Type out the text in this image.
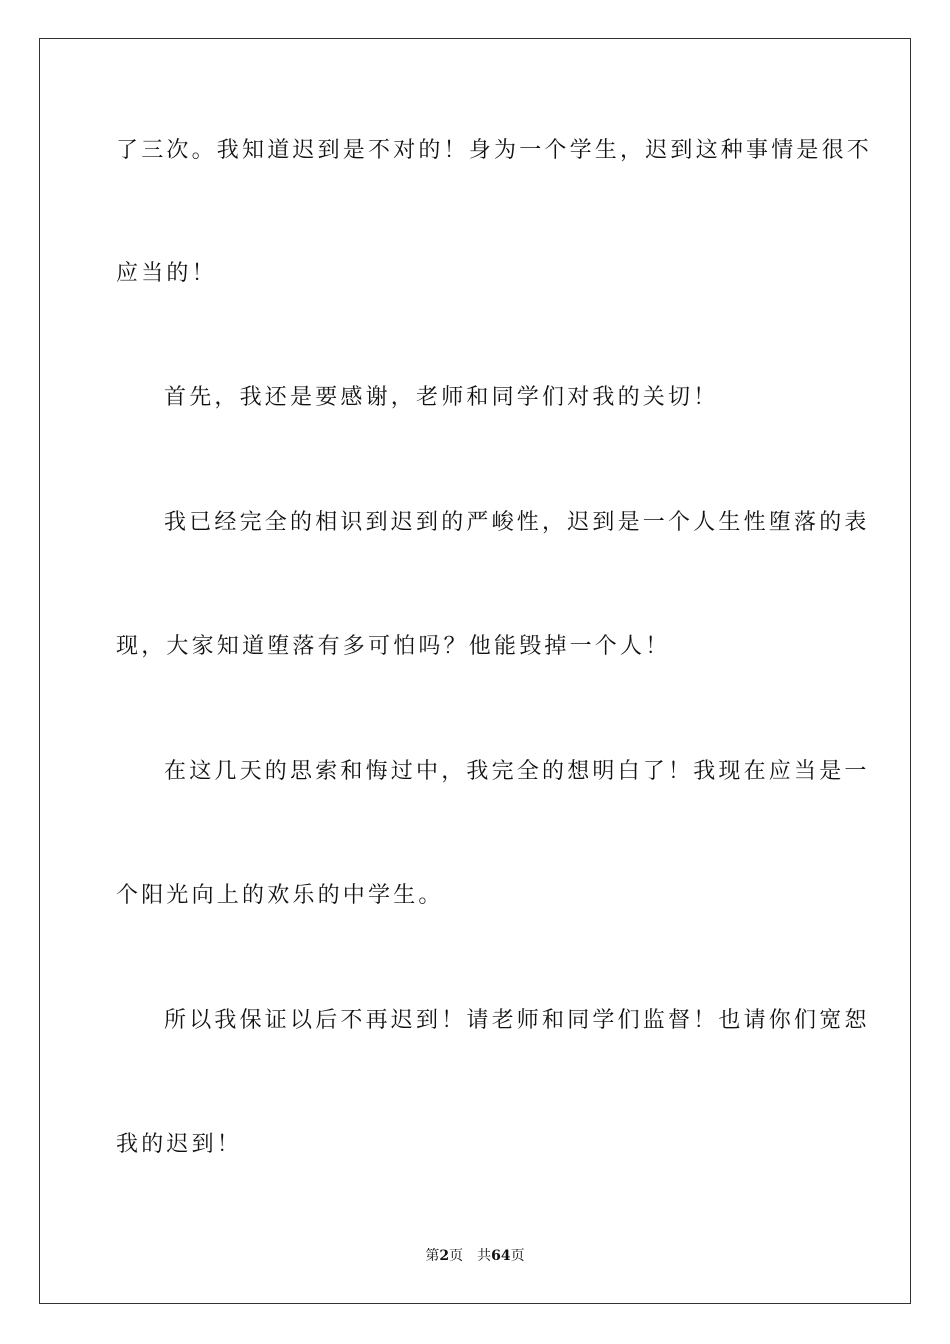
了三次。我知道迟到是不对的！身为一个学生，迟到这种事情是很不
应当的！
首先，我还是要感谢，老师和同学们对我的关切！
我已经完全的相识到迟到的严峻性，迟到是一个人生性堕落的表
现，大家知道堕落有多可怕吗？他能毁掉一个人！
在这几天的思索和悔过中，我完全的想明白了！我现在应当是一
个阳光向上的欢乐的中学生。
所以我保证以后不再迟到！请老师和同学们监督！也请你们宽恕
我的迟到！
第2页 共64页
